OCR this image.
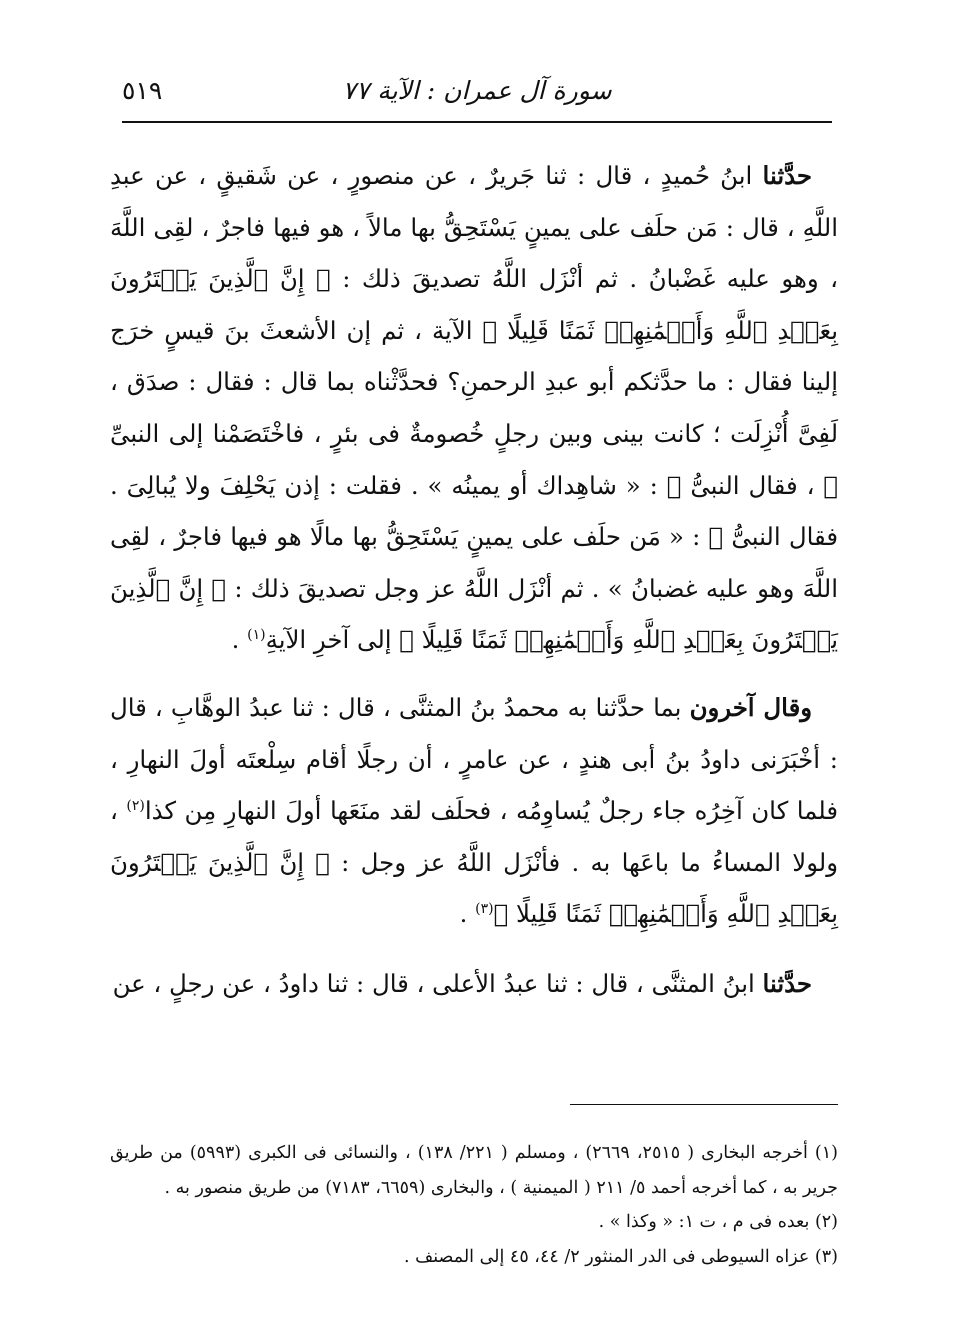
سورة آل عمران : الآية ٧٧
٥١٩

حدَّثنا ابنُ حُميدٍ ، قال : ثنا جَريرٌ ، عن منصورٍ ، عن شَقيقٍ ، عن عبدِ اللَّهِ ، قال : مَن حلَف على يمينٍ يَسْتَحِقُّ بها مالاً ، هو فيها فاجرٌ ، لقِى اللَّهَ ، وهو عليه غَضْبانُ . ثم أنْزَل اللَّهُ تصديقَ ذلك : ﴿ إِنَّ ٱلَّذِينَ يَشۡتَرُونَ بِعَهۡدِ ٱللَّهِ وَأَيۡمَٰنِهِمۡ ثَمَنًا قَلِيلًا ﴾ الآية ، ثم إن الأشعثَ بنَ قيسٍ خرَج إلينا فقال : ما حدَّثكم أبو عبدِ الرحمنِ؟ فحدَّثْناه بما قال : فقال : صدَق ، لَفِىَّ أُنْزِلَت ؛ كانت بينى وبين رجلٍ خُصومةٌ فى بئرٍ ، فاخْتَصَمْنا إلى النبىِّ ﷺ ، فقال النبىُّ ﷺ : « شاهِداك أو يمينُه » . فقلت : إذن يَحْلِفَ ولا يُبالِىَ . فقال النبىُّ ﷺ : « مَن حلَف على يمينٍ يَسْتَحِقُّ بها مالًا هو فيها فاجرٌ ، لقِى اللَّهَ وهو عليه غضبانُ » . ثم أنْزَل اللَّهُ عز وجل تصديقَ ذلك : ﴿ إِنَّ ٱلَّذِينَ يَشۡتَرُونَ بِعَهۡدِ ٱللَّهِ وَأَيۡمَٰنِهِمۡ ثَمَنًا قَلِيلًا ﴾ إلى آخرِ الآيةِ$^{(١)}$ .

وقال آخرون بما حدَّثنا به محمدُ بنُ المثنَّى ، قال : ثنا عبدُ الوهَّابِ ، قال : أخْبَرَنى داودُ بنُ أبى هندٍ ، عن عامرٍ ، أن رجلًا أقام سِلْعتَه أولَ النهارِ ، فلما كان آخِرُه جاء رجلٌ يُساوِمُه ، فحلَف لقد منَعَها أولَ النهارِ مِن كذا$^{(٢)}$ ، ولولا المساءُ ما باعَها به . فأنْزَل اللَّهُ عز وجل : ﴿ إِنَّ ٱلَّذِينَ يَشۡتَرُونَ بِعَهۡدِ ٱللَّهِ وَأَيۡمَٰنِهِمۡ ثَمَنًا قَلِيلًا ﴾$^{(٣)}$ .

حدَّثنا ابنُ المثنَّى ، قال : ثنا عبدُ الأعلى ، قال : ثنا داودُ ، عن رجلٍ ، عن

(١) أخرجه البخارى ( ٢٥١٥، ٢٦٦٩) ، ومسلم ( ٢٢١/ ١٣٨) ، والنسائى فى الكبرى (٥٩٩٣) من طريق جرير به ، كما أخرجه أحمد ٥/ ٢١١ ( الميمنية ) ، والبخارى (٦٦٥٩، ٧١٨٣) من طريق منصور به .

(٢) بعده فى م ، ت ١: « وكذا » .

(٣) عزاه السيوطى فى الدر المنثور ٢/ ٤٤، ٤٥ إلى المصنف .
